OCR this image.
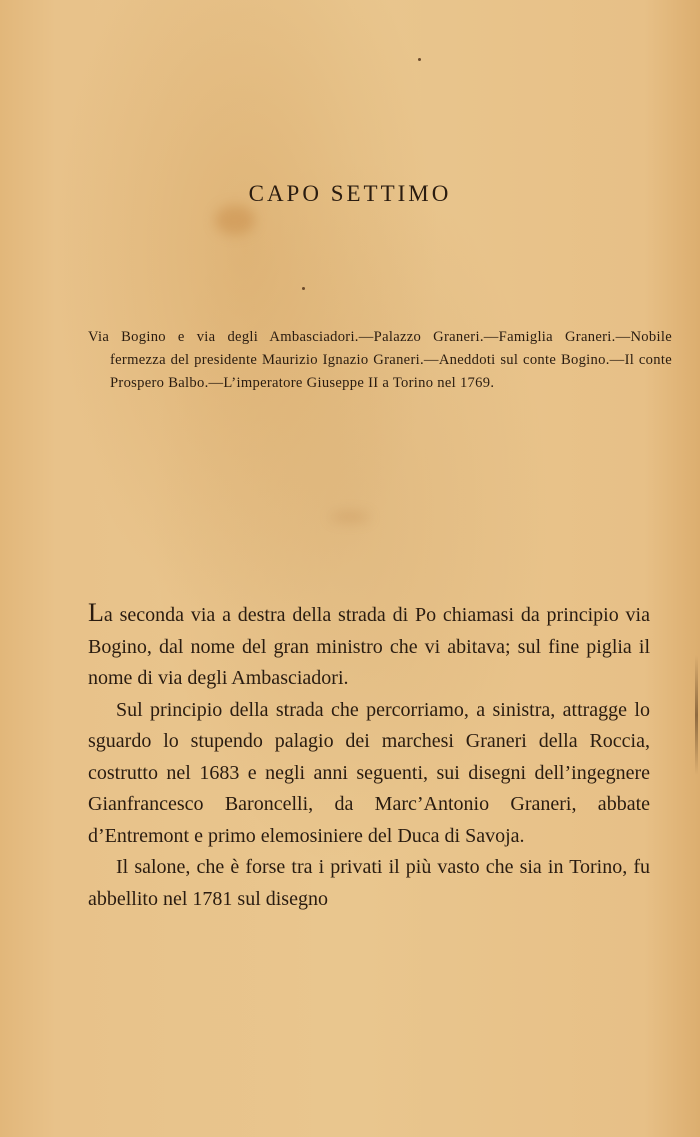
CAPO SETTIMO

Via Bogino e via degli Ambasciadori.—Palazzo Graneri.—Famiglia Graneri.—Nobile fermezza del presidente Maurizio Ignazio Graneri.—Aneddoti sul conte Bogino.—Il conte Prospero Balbo.—L’imperatore Giuseppe II a Torino nel 1769.

La seconda via a destra della strada di Po chiamasi da principio via Bogino, dal nome del gran ministro che vi abitava; sul fine piglia il nome di via degli Ambasciadori.

Sul principio della strada che percorriamo, a sinistra, attragge lo sguardo lo stupendo palagio dei marchesi Graneri della Roccia, costrutto nel 1683 e negli anni seguenti, sui disegni dell’ingegnere Gianfrancesco Baroncelli, da Marc’Antonio Graneri, abbate d’Entremont e primo elemosiniere del Duca di Savoja.

Il salone, che è forse tra i privati il più vasto che sia in Torino, fu abbellito nel 1781 sul disegno
